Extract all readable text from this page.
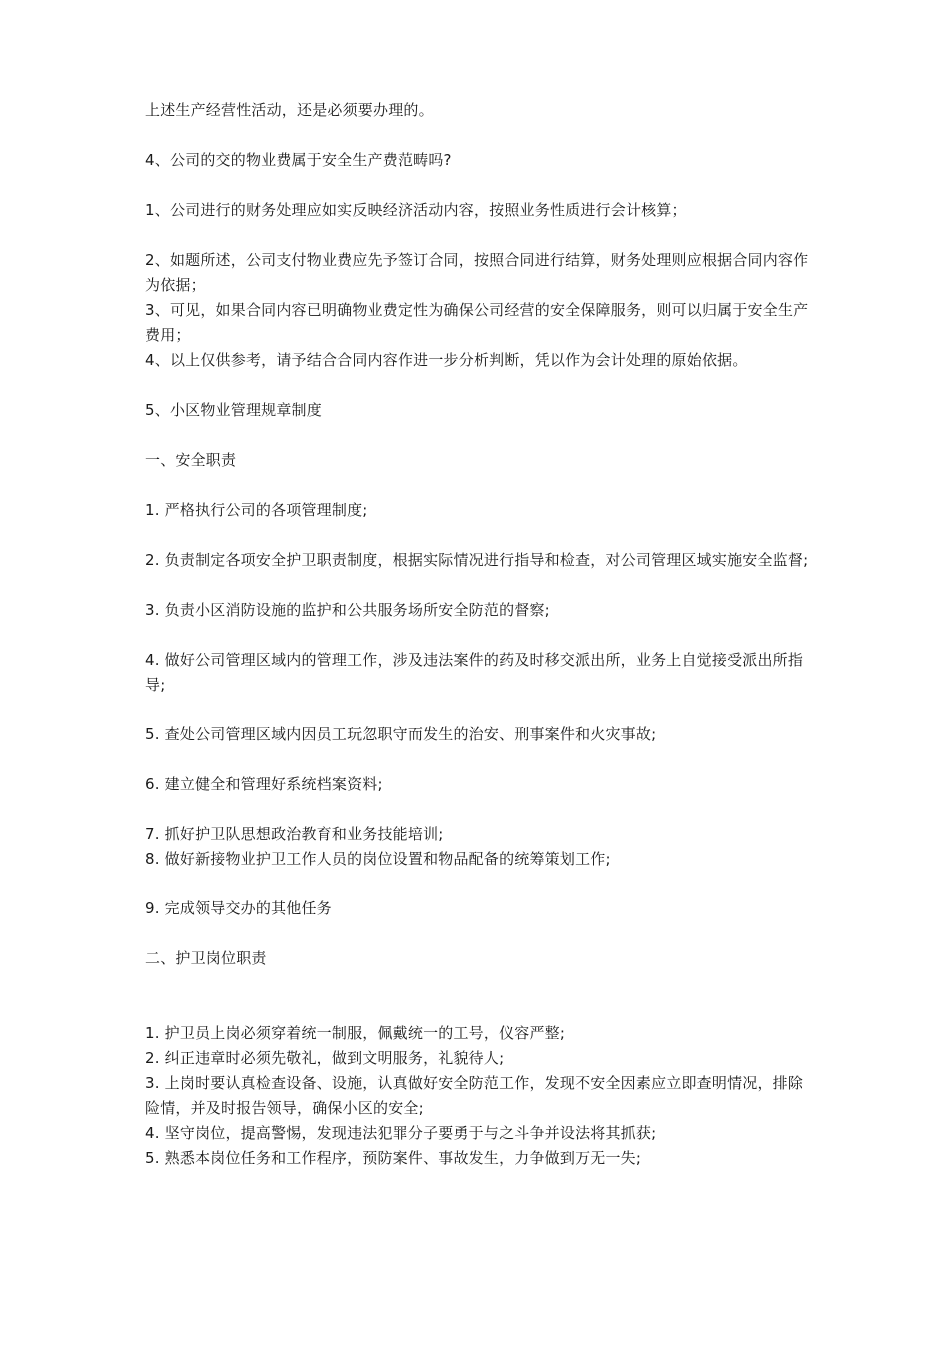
上述生产经营性活动，还是必须要办理的。
4、公司的交的物业费属于安全生产费范畴吗?
1、公司进行的财务处理应如实反映经济活动内容，按照业务性质进行会计核算；
2、如题所述，公司支付物业费应先予签订合同，按照合同进行结算，财务处理则应根据合同内容作为依据；
3、可见，如果合同内容已明确物业费定性为确保公司经营的安全保障服务，则可以归属于安全生产费用；
4、以上仅供参考，请予结合合同内容作进一步分析判断，凭以作为会计处理的原始依据。
5、小区物业管理规章制度
一、安全职责
1. 严格执行公司的各项管理制度;
2. 负责制定各项安全护卫职责制度，根据实际情况进行指导和检查，对公司管理区域实施安全监督;
3. 负责小区消防设施的监护和公共服务场所安全防范的督察;
4. 做好公司管理区域内的管理工作，涉及违法案件的药及时移交派出所，业务上自觉接受派出所指导;
5. 查处公司管理区域内因员工玩忽职守而发生的治安、刑事案件和火灾事故;
6. 建立健全和管理好系统档案资料;
7. 抓好护卫队思想政治教育和业务技能培训;
8. 做好新接物业护卫工作人员的岗位设置和物品配备的统筹策划工作;
9. 完成领导交办的其他任务
二、护卫岗位职责
1. 护卫员上岗必须穿着统一制服，佩戴统一的工号，仪容严整;
2. 纠正违章时必须先敬礼，做到文明服务，礼貌待人;
3. 上岗时要认真检查设备、设施，认真做好安全防范工作，发现不安全因素应立即查明情况，排除险情，并及时报告领导，确保小区的安全;
4. 坚守岗位，提高警惕，发现违法犯罪分子要勇于与之斗争并设法将其抓获;
5. 熟悉本岗位任务和工作程序，预防案件、事故发生，力争做到万无一失;
